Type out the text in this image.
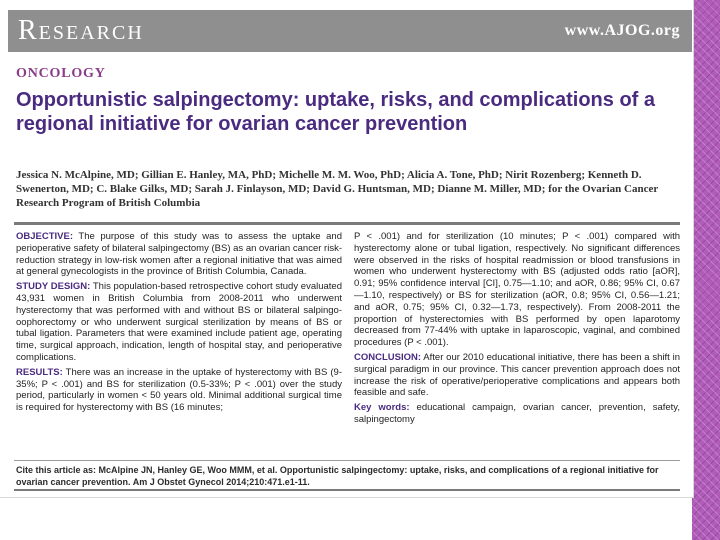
Research	www.AJOG.org
ONCOLOGY
Opportunistic salpingectomy: uptake, risks, and complications of a regional initiative for ovarian cancer prevention
Jessica N. McAlpine, MD; Gillian E. Hanley, MA, PhD; Michelle M. M. Woo, PhD; Alicia A. Tone, PhD; Nirit Rozenberg; Kenneth D. Swenerton, MD; C. Blake Gilks, MD; Sarah J. Finlayson, MD; David G. Huntsman, MD; Dianne M. Miller, MD; for the Ovarian Cancer Research Program of British Columbia

OBJECTIVE: The purpose of this study was to assess the uptake and perioperative safety of bilateral salpingectomy (BS) as an ovarian cancer risk-reduction strategy in low-risk women after a regional initiative that was aimed at general gynecologists in the province of British Columbia, Canada.

STUDY DESIGN: This population-based retrospective cohort study evaluated 43,931 women in British Columbia from 2008-2011 who underwent hysterectomy that was performed with and without BS or bilateral salpingo-oophorectomy or who underwent surgical sterilization by means of BS or tubal ligation. Parameters that were examined include patient age, operating time, surgical approach, indication, length of hospital stay, and perioperative complications.

RESULTS: There was an increase in the uptake of hysterectomy with BS (9-35%; P < .001) and BS for sterilization (0.5-33%; P < .001) over the study period, particularly in women < 50 years old. Minimal additional surgical time is required for hysterectomy with BS (16 minutes;

P < .001) and for sterilization (10 minutes; P < .001) compared with hysterectomy alone or tubal ligation, respectively. No significant differences were observed in the risks of hospital readmission or blood transfusions in women who underwent hysterectomy with BS (adjusted odds ratio [aOR], 0.91; 95% confidence interval [CI], 0.75—1.10; and aOR, 0.86; 95% CI, 0.67—1.10, respectively) or BS for sterilization (aOR, 0.8; 95% CI, 0.56—1.21; and aOR, 0.75; 95% CI, 0.32—1.73, respectively). From 2008-2011 the proportion of hysterectomies with BS performed by open laparotomy decreased from 77-44% with uptake in laparoscopic, vaginal, and combined procedures (P < .001).

CONCLUSION: After our 2010 educational initiative, there has been a shift in surgical paradigm in our province. This cancer prevention approach does not increase the risk of operative/perioperative complications and appears both feasible and safe.

Key words: educational campaign, ovarian cancer, prevention, safety, salpingectomy

Cite this article as: McAlpine JN, Hanley GE, Woo MMM, et al. Opportunistic salpingectomy: uptake, risks, and complications of a regional initiative for ovarian cancer prevention. Am J Obstet Gynecol 2014;210:471.e1-11.
